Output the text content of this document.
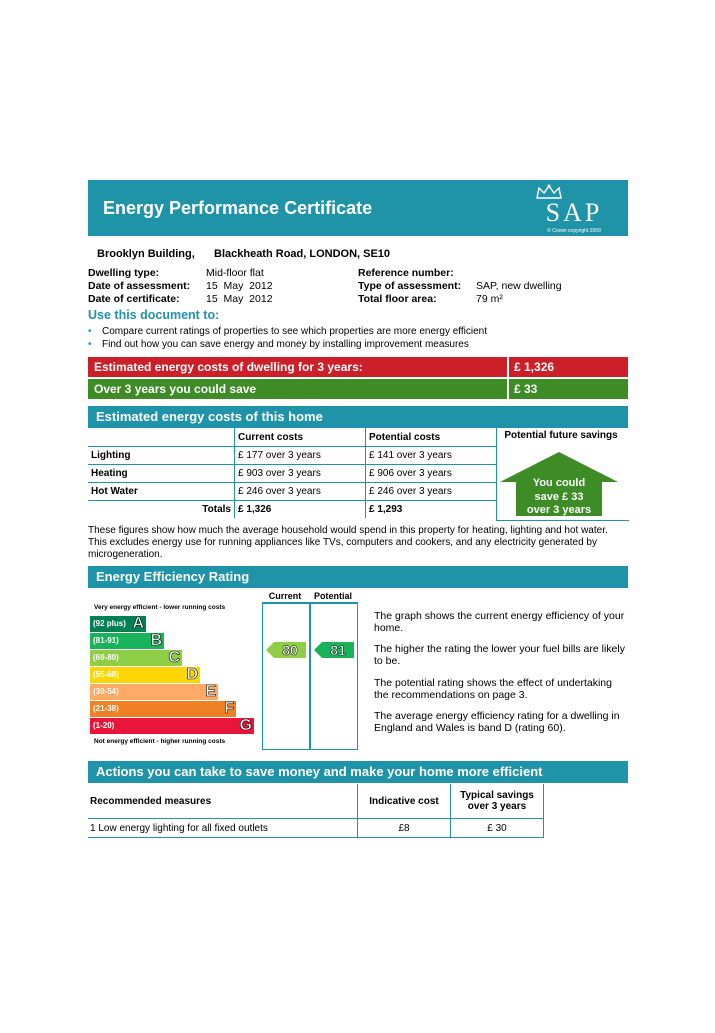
Energy Performance Certificate	SAP
© Crown copyright 2009
Brooklyn Building, Blackheath Road, LONDON, SE10
Dwelling type:	Mid-floor flat
Date of assessment: 15  May  2012
Date of certificate:	15  May  2012
Reference number:
Type of assessment: SAP, new dwelling
Total floor area:	79 m²
Use this document to:
• Compare current ratings of properties to see which properties are more energy efficient
• Find out how you can save energy and money by installing improvement measures
Estimated energy costs of dwelling for 3 years:	£ 1,326
Over 3 years you could save	£ 33
Estimated energy costs of this home
	Current costs	Potential costs
Lighting	£ 177 over 3 years	£ 141 over 3 years
Heating	£ 903 over 3 years	£ 906 over 3 years
Hot Water	£ 246 over 3 years	£ 246 over 3 years
Totals	£ 1,326	£ 1,293
Potential future savings
You could
save £ 33
over 3 years
These figures show how much the average household would spend in this property for heating, lighting and hot water. This excludes energy use for running appliances like TVs, computers and cookers, and any electricity generated by microgeneration.
Energy Efficiency Rating
Very energy efficient - lower running costs
(92 plus) A
(81-91) B
(69-80)	C
(55-68)	D
(39-54)	E
(21-38)	F
(1-20)	G
Not energy efficient - higher running costs
Current	Potential
80 81
The graph shows the current energy efficiency of your home.
The higher the rating the lower your fuel bills are likely to be.
The potential rating shows the effect of undertaking the recommendations on page 3.
The average energy efficiency rating for a dwelling in England and Wales is band D (rating 60).
Actions you can take to save money and make your home more efficient
Recommended measures	Indicative cost	Typical savings over 3 years
1 Low energy lighting for all fixed outlets	£8	£ 30
